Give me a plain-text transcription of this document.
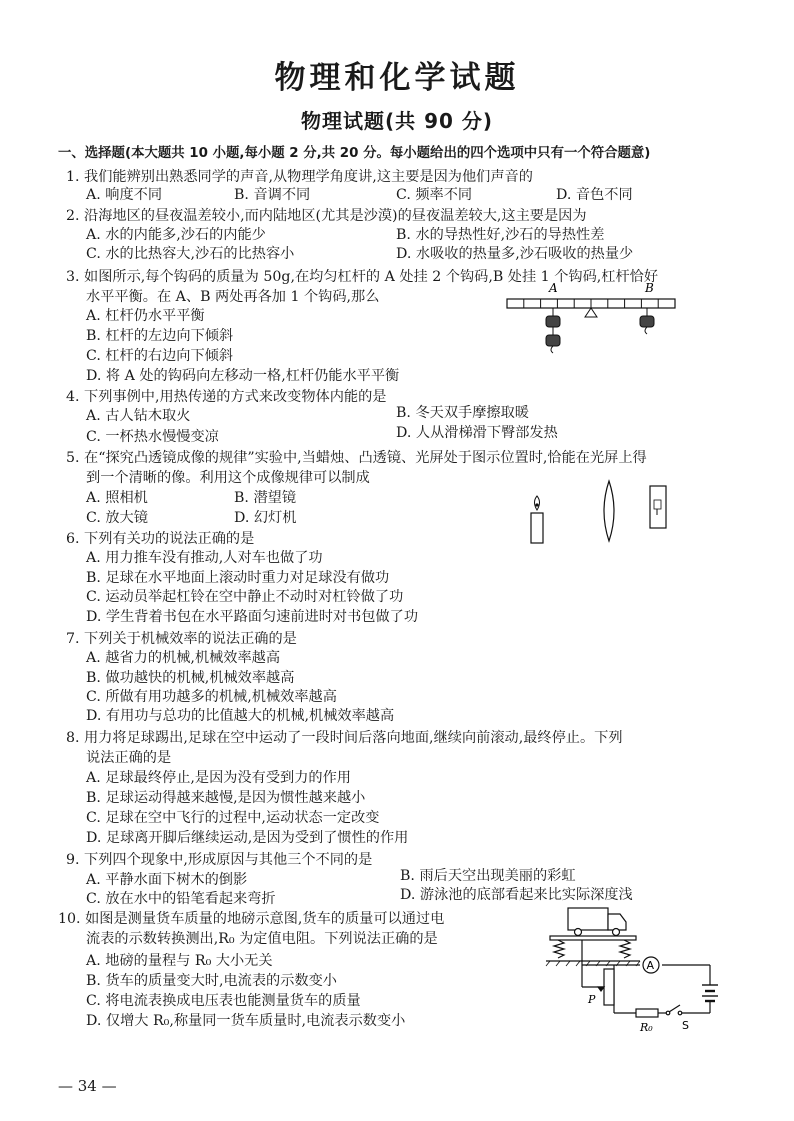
物理和化学试题
物理试题(共 90 分)
一、选择题(本大题共 10 小题,每小题 2 分,共 20 分。每小题给出的四个选项中只有一个符合题意)
1. 我们能辨别出熟悉同学的声音,从物理学角度讲,这主要是因为他们声音的
A. 响度不同	B. 音调不同	C. 频率不同	D. 音色不同
2. 沿海地区的昼夜温差较小,而内陆地区(尤其是沙漠)的昼夜温差较大,这主要是因为
A. 水的内能多,沙石的内能少	B. 水的导热性好,沙石的导热性差
C. 水的比热容大,沙石的比热容小	D. 水吸收的热量多,沙石吸收的热量少
3. 如图所示,每个钩码的质量为 50g,在均匀杠杆的 A 处挂 2 个钩码,B 处挂 1 个钩码,杠杆恰好
水平平衡。在 A、B 两处再各加 1 个钩码,那么
A. 杠杆仍水平平衡
B. 杠杆的左边向下倾斜
C. 杠杆的右边向下倾斜
D. 将 A 处的钩码向左移动一格,杠杆仍能水平平衡
A	B
4. 下列事例中,用热传递的方式来改变物体内能的是
A. 古人钻木取火	B. 冬天双手摩擦取暖
C. 一杯热水慢慢变凉	D. 人从滑梯滑下臀部发热
5. 在“探究凸透镜成像的规律”实验中,当蜡烛、凸透镜、光屏处于图示位置时,恰能在光屏上得
到一个清晰的像。利用这个成像规律可以制成
A. 照相机	B. 潜望镜
C. 放大镜	D. 幻灯机
6. 下列有关功的说法正确的是
A. 用力推车没有推动,人对车也做了功
B. 足球在水平地面上滚动时重力对足球没有做功
C. 运动员举起杠铃在空中静止不动时对杠铃做了功
D. 学生背着书包在水平路面匀速前进时对书包做了功
7. 下列关于机械效率的说法正确的是
A. 越省力的机械,机械效率越高
B. 做功越快的机械,机械效率越高
C. 所做有用功越多的机械,机械效率越高
D. 有用功与总功的比值越大的机械,机械效率越高
8. 用力将足球踢出,足球在空中运动了一段时间后落向地面,继续向前滚动,最终停止。下列
说法正确的是
A. 足球最终停止,是因为没有受到力的作用
B. 足球运动得越来越慢,是因为惯性越来越小
C. 足球在空中飞行的过程中,运动状态一定改变
D. 足球离开脚后继续运动,是因为受到了惯性的作用
9. 下列四个现象中,形成原因与其他三个不同的是
A. 平静水面下树木的倒影	B. 雨后天空出现美丽的彩虹
C. 放在水中的铅笔看起来弯折	D. 游泳池的底部看起来比实际深度浅
10. 如图是测量货车质量的地磅示意图,货车的质量可以通过电
流表的示数转换测出,R₀ 为定值电阻。下列说法正确的是
A. 地磅的量程与 R₀ 大小无关
B. 货车的质量变大时,电流表的示数变小
C. 将电流表换成电压表也能测量货车的质量
D. 仅增大 R₀,称量同一货车质量时,电流表示数变小
P
A
R₀	S
— 34 —
